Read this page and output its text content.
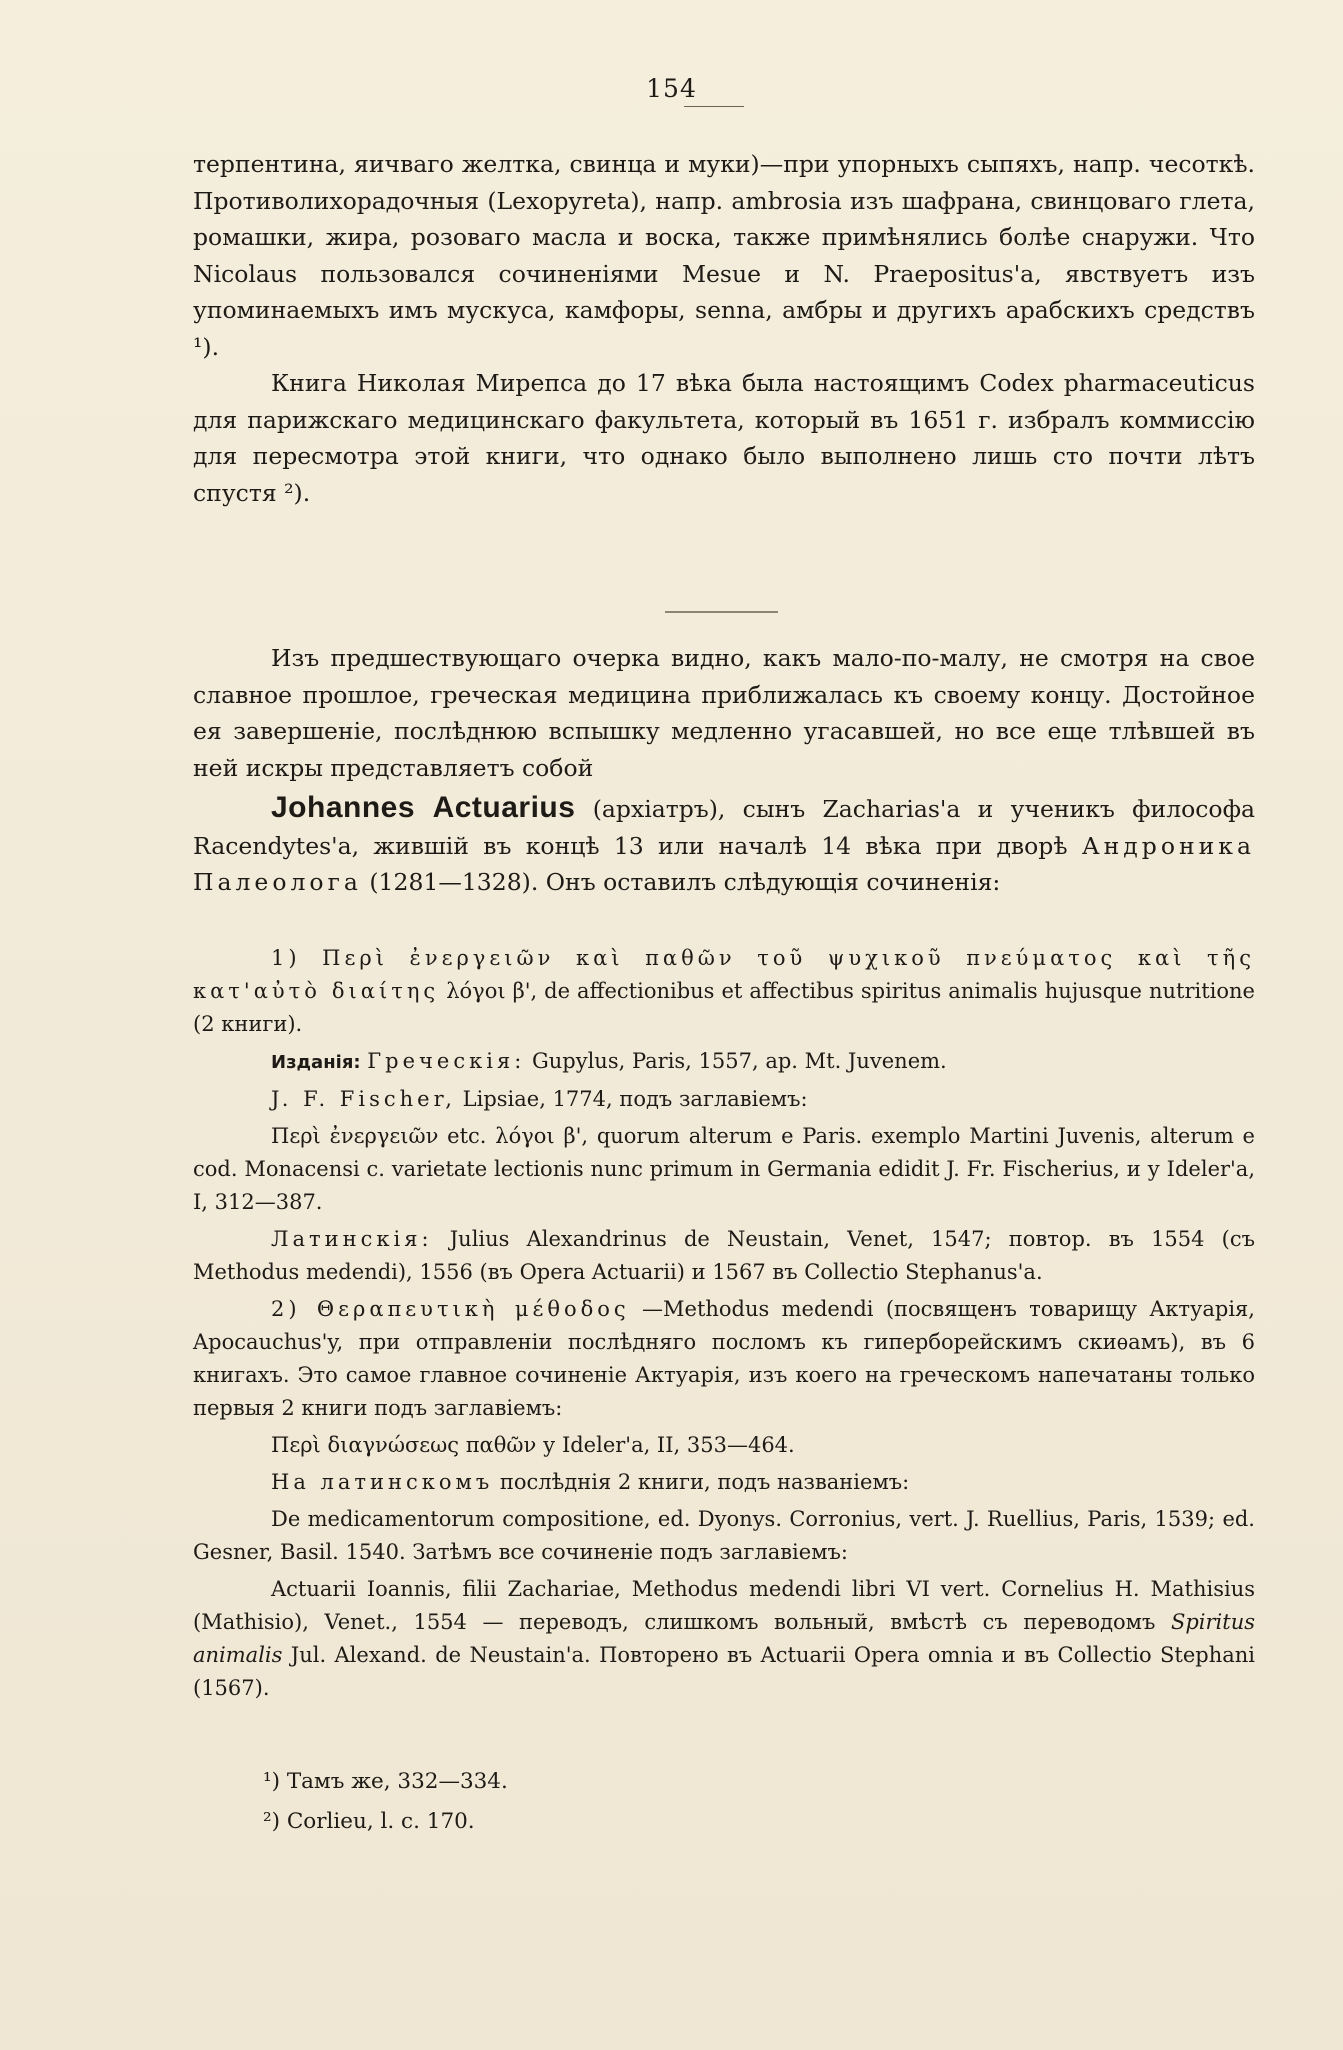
154

терпентина, яичваго желтка, свинца и муки)—при упорныхъ сыпяхъ, напр. чесоткѣ. Противолихорадочныя (Lexopyreta), напр. ambrosia изъ шафрана, свинцоваго глета, ромашки, жира, розоваго масла и воска, также примѣнялись болѣе снаружи. Что Nicolaus пользовался сочиненіями Mesue и N. Praepositus'a, явствуетъ изъ упоминаемыхъ имъ мускуса, камфоры, senna, амбры и другихъ арабскихъ средствъ ¹).

Книга Николая Мирепса до 17 вѣка была настоящимъ Codex pharmaceuticus для парижскаго медицинскаго факультета, который въ 1651 г. избралъ коммиссію для пересмотра этой книги, что однако было выполнено лишь сто почти лѣтъ спустя ²).

Изъ предшествующаго очерка видно, какъ мало-по-малу, не смотря на свое славное прошлое, греческая медицина приближалась къ своему концу. Достойное ея завершеніе, послѣднюю вспышку медленно угасавшей, но все еще тлѣвшей въ ней искры представляетъ собой

Johannes Actuarius (архіатръ), сынъ Zacharias'a и ученикъ философа Racendytes'a, жившій въ концѣ 13 или началѣ 14 вѣка при дворѣ Андроника Палеолога (1281—1328). Онъ оставилъ слѣдующія сочиненія:

1) Περὶ ἐνεργειῶν καὶ παθῶν τοῦ ψυχικοῦ πνεύματος καὶ τῆς κατ'αὐτὸ διαίτης λόγοι β', de affectionibus et affectibus spiritus animalis hujusque nutritione (2 книги).

Изданія: Греческія: Gupylus, Paris, 1557, ap. Mt. Juvenem.

J. F. Fischer, Lipsiae, 1774, подъ заглавіемъ:

Περὶ ἐνεργειῶν etc. λόγοι β', quorum alterum e Paris. exemplo Martini Juvenis, alterum e cod. Monacensi c. varietate lectionis nunc primum in Germania edidit J. Fr. Fischerius, и у Ideler'a, I, 312—387.

Латинскія: Julius Alexandrinus de Neustain, Venet, 1547; повтор. въ 1554 (съ Methodus medendi), 1556 (въ Opera Actuarii) и 1567 въ Collectio Stephanus'a.

2) Θεραπευτικὴ μέθοδος —Methodus medendi (посвященъ товарищу Актуарія, Apocauchus'y, при отправленіи послѣдняго посломъ къ гиперборейскимъ скиѳамъ), въ 6 книгахъ. Это самое главное сочиненіе Актуарія, изъ коего на греческомъ напечатаны только первыя 2 книги подъ заглавіемъ:

Περὶ διαγνώσεως παθῶν у Ideler'a, II, 353—464.

На латинскомъ послѣднія 2 книги, подъ названіемъ:

De medicamentorum compositione, ed. Dyonys. Corronius, vert. J. Ruellius, Paris, 1539; ed. Gesner, Basil. 1540. Затѣмъ все сочиненіе подъ заглавіемъ:

Actuarii Ioannis, filii Zachariae, Methodus medendi libri VI vert. Cornelius H. Mathisius (Mathisio), Venet., 1554 — переводъ, слишкомъ вольный, вмѣстѣ съ переводомъ Spiritus animalis Jul. Alexand. de Neustain'a. Повторено въ Actuarii Opera omnia и въ Collectio Stephani (1567).

¹) Тамъ же, 332—334.
²) Corlieu, l. c. 170.
